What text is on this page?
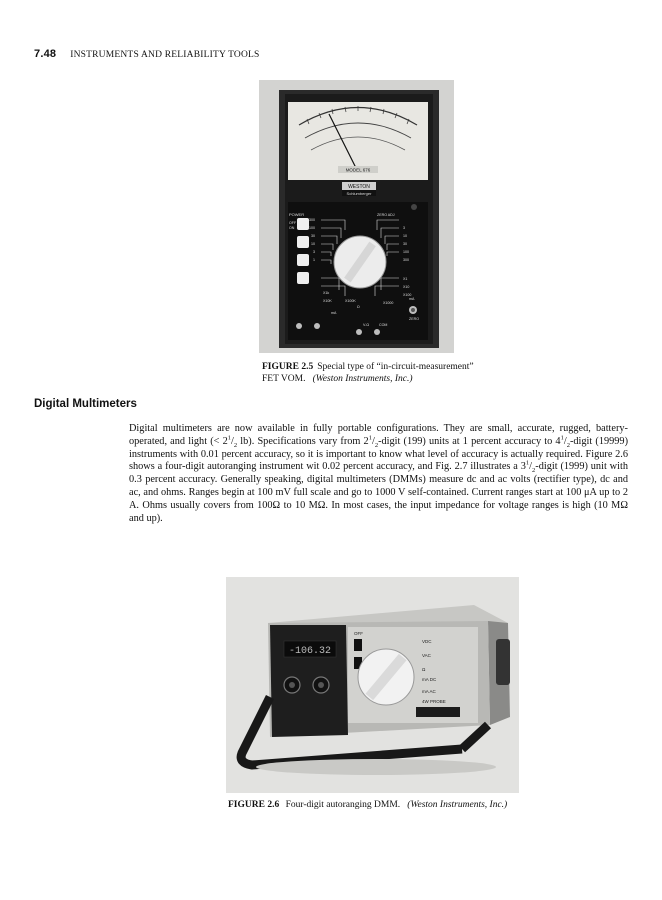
7.48 INSTRUMENTS AND RELIABILITY TOOLS
MODEL 676
WESTON
Schlumberger
POWER
OFF
ON
300
100
30
10
3
1
ZERO ADJ
3
10
30
100
300
X1
X10
X100
X1000
X1k
X10K	X100K
Ω
mA
V-Ω	COM
mA
ZERO
FIGURE 2.5 Special type of “in-circuit-measurement”
FET VOM. (Weston Instruments, Inc.)
Digital Multimeters
Digital multimeters are now available in fully portable configurations. They are small, accurate, rugged, battery-operated, and light (< $2^1/_2$ lb). Specifications vary from $2^1/_2$-digit (199) units at 1 percent accuracy to $4^1/_2$-digit (19999) instruments with 0.01 percent accuracy, so it is important to know what level of accuracy is actually required. Figure 2.6 shows a four-digit autoranging instrument wit 0.02 percent accuracy, and Fig. 2.7 illustrates a $3^1/_2$-digit (1999) unit with 0.3 percent accuracy. Generally speaking, digital multimeters (DMMs) measure dc and ac volts (rectifier type), dc and ac, and ohms. Ranges begin at 100 mV full scale and go to 1000 V self-contained. Current ranges start at 100 μA up to 2 A. Ohms usually covers from 100Ω to 10 MΩ. In most cases, the input impedance for voltage ranges is high (10 MΩ and up).
-106.32
OFF
VDC
VAC
Ω
mA DC
mA AC
4W PROBE
FIGURE 2.6 Four-digit autoranging DMM. (Weston Instruments, Inc.)
